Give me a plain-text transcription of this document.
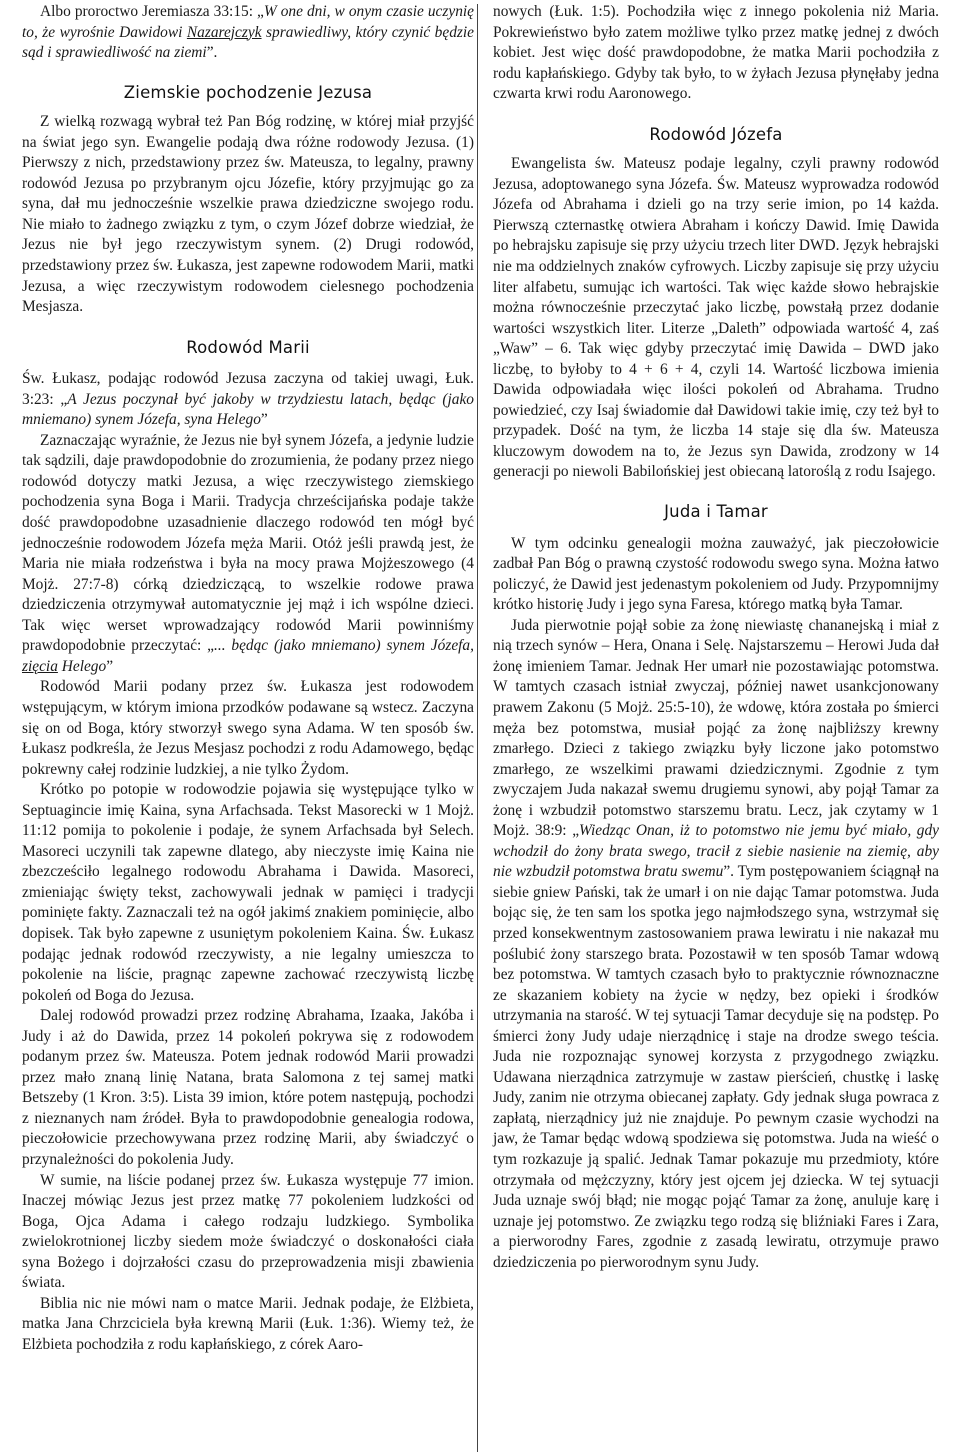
Albo proroctwo Jeremiasza 33:15: „W one dni, w onym czasie uczynię to, że wyrośnie Dawidowi Nazarejczyk sprawiedliwy, który czynić będzie sąd i sprawiedliwość na ziemi”.

Ziemskie pochodzenie Jezusa

Z wielką rozwagą wybrał też Pan Bóg rodzinę, w której miał przyjść na świat jego syn. Ewangelie podają dwa różne rodowody Jezusa. (1) Pierwszy z nich, przedstawiony przez św. Mateusza, to legalny, prawny rodowód Jezusa po przybranym ojcu Józefie, który przyjmując go za syna, dał mu jednocześnie wszelkie prawa dziedziczne swojego rodu. Nie miało to żadnego związku z tym, o czym Józef dobrze wiedział, że Jezus nie był jego rzeczywistym synem. (2) Drugi rodowód, przedstawiony przez św. Łukasza, jest zapewne rodowodem Marii, matki Jezusa, a więc rzeczywistym rodowodem cielesnego pochodzenia Mesjasza.

Rodowód Marii

Św. Łukasz, podając rodowód Jezusa zaczyna od takiej uwagi, Łuk. 3:23: „A Jezus poczynał być jakoby w trzydziestu latach, będąc (jako mniemano) synem Józefa, syna Helego”

Zaznaczając wyraźnie, że Jezus nie był synem Józefa, a jedynie ludzie tak sądzili, daje prawdopodobnie do zrozumienia, że podany przez niego rodowód dotyczy matki Jezusa, a więc rzeczywistego ziemskiego pochodzenia syna Boga i Marii. Tradycja chrześcijańska podaje także dość prawdopodobne uzasadnienie dlaczego rodowód ten mógł być jednocześnie rodowodem Józefa męża Marii. Otóż jeśli prawdą jest, że Maria nie miała rodzeństwa i była na mocy prawa Mojżeszowego (4 Mojż. 27:7-8) córką dziedziczącą, to wszelkie rodowe prawa dziedziczenia otrzymywał automatycznie jej mąż i ich wspólne dzieci. Tak więc werset wprowadzający rodowód Marii powinniśmy prawdopodobnie przeczytać: „... będąc (jako mniemano) synem Józefa, zięcia Helego”

Rodowód Marii podany przez św. Łukasza jest rodowodem wstępującym, w którym imiona przodków podawane są wstecz. Zaczyna się on od Boga, który stworzył swego syna Adama. W ten sposób św. Łukasz podkreśla, że Jezus Mesjasz pochodzi z rodu Adamowego, będąc pokrewny całej rodzinie ludzkiej, a nie tylko Żydom.

Krótko po potopie w rodowodzie pojawia się występujące tylko w Septuagincie imię Kaina, syna Arfachsada. Tekst Masorecki w 1 Mojż. 11:12 pomija to pokolenie i podaje, że synem Arfachsada był Selech. Masoreci uczynili tak zapewne dlatego, aby nieczyste imię Kaina nie zbezcześciło legalnego rodowodu Abrahama i Dawida. Masoreci, zmieniając święty tekst, zachowywali jednak w pamięci i tradycji pominięte fakty. Zaznaczali też na ogół jakimś znakiem pominięcie, albo dopisek. Tak było zapewne z usuniętym pokoleniem Kaina. Św. Łukasz podając jednak rodowód rzeczywisty, a nie legalny umieszcza to pokolenie na liście, pragnąc zapewne zachować rzeczywistą liczbę pokoleń od Boga do Jezusa.

Dalej rodowód prowadzi przez rodzinę Abrahama, Izaaka, Jakóba i Judy i aż do Dawida, przez 14 pokoleń pokrywa się z rodowodem podanym przez św. Mateusza. Potem jednak rodowód Marii prowadzi przez mało znaną linię Natana, brata Salomona z tej samej matki Betszeby (1 Kron. 3:5). Lista 39 imion, które potem następują, pochodzi z nieznanych nam źródeł. Była to prawdopodobnie genealogia rodowa, pieczołowicie przechowywana przez rodzinę Marii, aby świadczyć o przynależności do pokolenia Judy.

W sumie, na liście podanej przez św. Łukasza występuje 77 imion. Inaczej mówiąc Jezus jest przez matkę 77 pokoleniem ludzkości od Boga, Ojca Adama i całego rodzaju ludzkiego. Symbolika zwielokrotnionej liczby siedem może świadczyć o doskonałości ciała syna Bożego i dojrzałości czasu do przeprowadzenia misji zbawienia świata.

Biblia nic nie mówi nam o matce Marii. Jednak podaje, że Elżbieta, matka Jana Chrzciciela była krewną Marii (Łuk. 1:36). Wiemy też, że Elżbieta pochodziła z rodu kapłańskiego, z córek Aaro-

nowych (Łuk. 1:5). Pochodziła więc z innego pokolenia niż Maria. Pokrewieństwo było zatem możliwe tylko przez matkę jednej z dwóch kobiet. Jest więc dość prawdopodobne, że matka Marii pochodziła z rodu kapłańskiego. Gdyby tak było, to w żyłach Jezusa płynęłaby jedna czwarta krwi rodu Aaronowego.

Rodowód Józefa

Ewangelista św. Mateusz podaje legalny, czyli prawny rodowód Jezusa, adoptowanego syna Józefa. Św. Mateusz wyprowadza rodowód Józefa od Abrahama i dzieli go na trzy serie imion, po 14 każda. Pierwszą czternastkę otwiera Abraham i kończy Dawid. Imię Dawida po hebrajsku zapisuje się przy użyciu trzech liter DWD. Język hebrajski nie ma oddzielnych znaków cyfrowych. Liczby zapisuje się przy użyciu liter alfabetu, sumując ich wartości. Tak więc każde słowo hebrajskie można równocześnie przeczytać jako liczbę, powstałą przez dodanie wartości wszystkich liter. Literze „Daleth” odpowiada wartość 4, zaś „Waw” – 6. Tak więc gdyby przeczytać imię Dawida – DWD jako liczbę, to byłoby to 4 + 6 + 4, czyli 14. Wartość liczbowa imienia Dawida odpowiadała więc ilości pokoleń od Abrahama. Trudno powiedzieć, czy Isaj świadomie dał Dawidowi takie imię, czy też był to przypadek. Dość na tym, że liczba 14 staje się dla św. Mateusza kluczowym dowodem na to, że Jezus syn Dawida, zrodzony w 14 generacji po niewoli Babilońskiej jest obiecaną latoroślą z rodu Isajego.

Juda i Tamar

W tym odcinku genealogii można zauważyć, jak pieczołowicie zadbał Pan Bóg o prawną czystość rodowodu swego syna. Można łatwo policzyć, że Dawid jest jedenastym pokoleniem od Judy. Przypomnijmy krótko historię Judy i jego syna Faresa, którego matką była Tamar.

Juda pierwotnie pojął sobie za żonę niewiastę chananejską i miał z nią trzech synów – Hera, Onana i Selę. Najstarszemu – Herowi Juda dał żonę imieniem Tamar. Jednak Her umarł nie pozostawiając potomstwa. W tamtych czasach istniał zwyczaj, później nawet usankcjonowany prawem Zakonu (5 Mojż. 25:5-10), że wdowę, która została po śmierci męża bez potomstwa, musiał pojąć za żonę najbliższy krewny zmarłego. Dzieci z takiego związku były liczone jako potomstwo zmarłego, ze wszelkimi prawami dziedzicznymi. Zgodnie z tym zwyczajem Juda nakazał swemu drugiemu synowi, aby pojął Tamar za żonę i wzbudził potomstwo starszemu bratu. Lecz, jak czytamy w 1 Mojż. 38:9: „Wiedząc Onan, iż to potomstwo nie jemu być miało, gdy wchodził do żony brata swego, tracił z siebie nasienie na ziemię, aby nie wzbudził potomstwa bratu swemu”. Tym postępowaniem ściągnął na siebie gniew Pański, tak że umarł i on nie dając Tamar potomstwa. Juda bojąc się, że ten sam los spotka jego najmłodszego syna, wstrzymał się przed konsekwentnym zastosowaniem prawa lewiratu i nie nakazał mu poślubić żony starszego brata. Pozostawił w ten sposób Tamar wdową bez potomstwa. W tamtych czasach było to praktycznie równoznaczne ze skazaniem kobiety na życie w nędzy, bez opieki i środków utrzymania na starość. W tej sytuacji Tamar decyduje się na podstęp. Po śmierci żony Judy udaje nierządnicę i staje na drodze swego teścia. Juda nie rozpoznając synowej korzysta z przygodnego związku. Udawana nierządnica zatrzymuje w zastaw pierścień, chustkę i laskę Judy, zanim nie otrzyma obiecanej zapłaty. Gdy jednak sługa powraca z zapłatą, nierządnicy już nie znajduje. Po pewnym czasie wychodzi na jaw, że Tamar będąc wdową spodziewa się potomstwa. Juda na wieść o tym rozkazuje ją spalić. Jednak Tamar pokazuje mu przedmioty, które otrzymała od mężczyzny, który jest ojcem jej dziecka. W tej sytuacji Juda uznaje swój błąd; nie mogąc pojąć Tamar za żonę, anuluje karę i uznaje jej potomstwo. Ze związku tego rodzą się bliźniaki Fares i Zara, a pierworodny Fares, zgodnie z zasadą lewiratu, otrzymuje prawo dziedziczenia po pierworodnym synu Judy.
